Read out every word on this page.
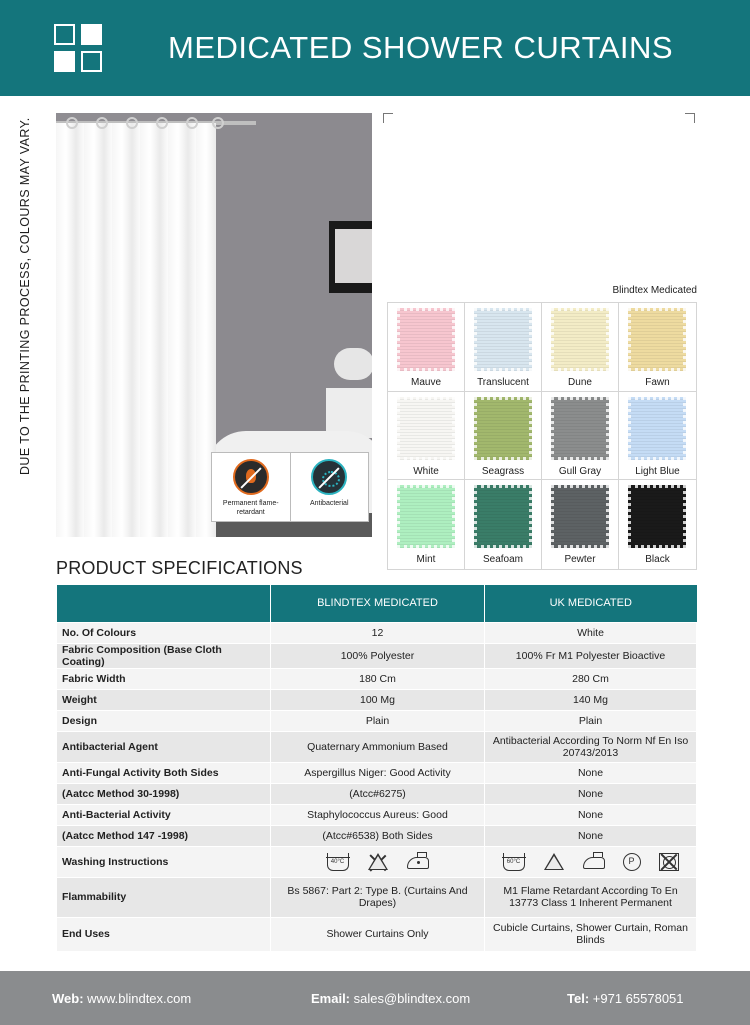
MEDICATED SHOWER CURTAINS
DUE TO THE PRINTING PROCESS, COLOURS MAY VARY.
Permanent flame-retardant
Antibacterial
Blindtex Medicated
Mauve	Translucent	Dune	Fawn
White	Seagrass	Gull Gray	Light Blue
Mint	Seafoam	Pewter	Black
PRODUCT SPECIFICATIONS
	BLINDTEX MEDICATED	UK MEDICATED
No. Of Colours	12	White
Fabric Composition (Base Cloth Coating)	100% Polyester	100% Fr M1 Polyester Bioactive
Fabric Width	180 Cm	280 Cm
Weight	100 Mg	140 Mg
Design	Plain	Plain
Antibacterial Agent	Quaternary Ammonium Based	Antibacterial According To Norm Nf En Iso 20743/2013
Anti-Fungal Activity Both Sides	Aspergillus Niger: Good Activity	None
(Aatcc Method 30-1998)	(Atcc#6275)	None
Anti-Bacterial Activity	Staphylococcus Aureus: Good	None
(Aatcc Method 147 -1998)	(Atcc#6538) Both Sides	None
Washing Instructions	40°C	60°C P

Flammability	Bs 5867: Part 2: Type B. (Curtains And Drapes)	M1 Flame Retardant According To En 13773 Class 1 Inherent Permanent
End Uses	Shower Curtains Only	Cubicle Curtains, Shower Curtain, Roman Blinds
Web: www.blindtex.com	Email: sales@blindtex.com	Tel: +971 65578051
